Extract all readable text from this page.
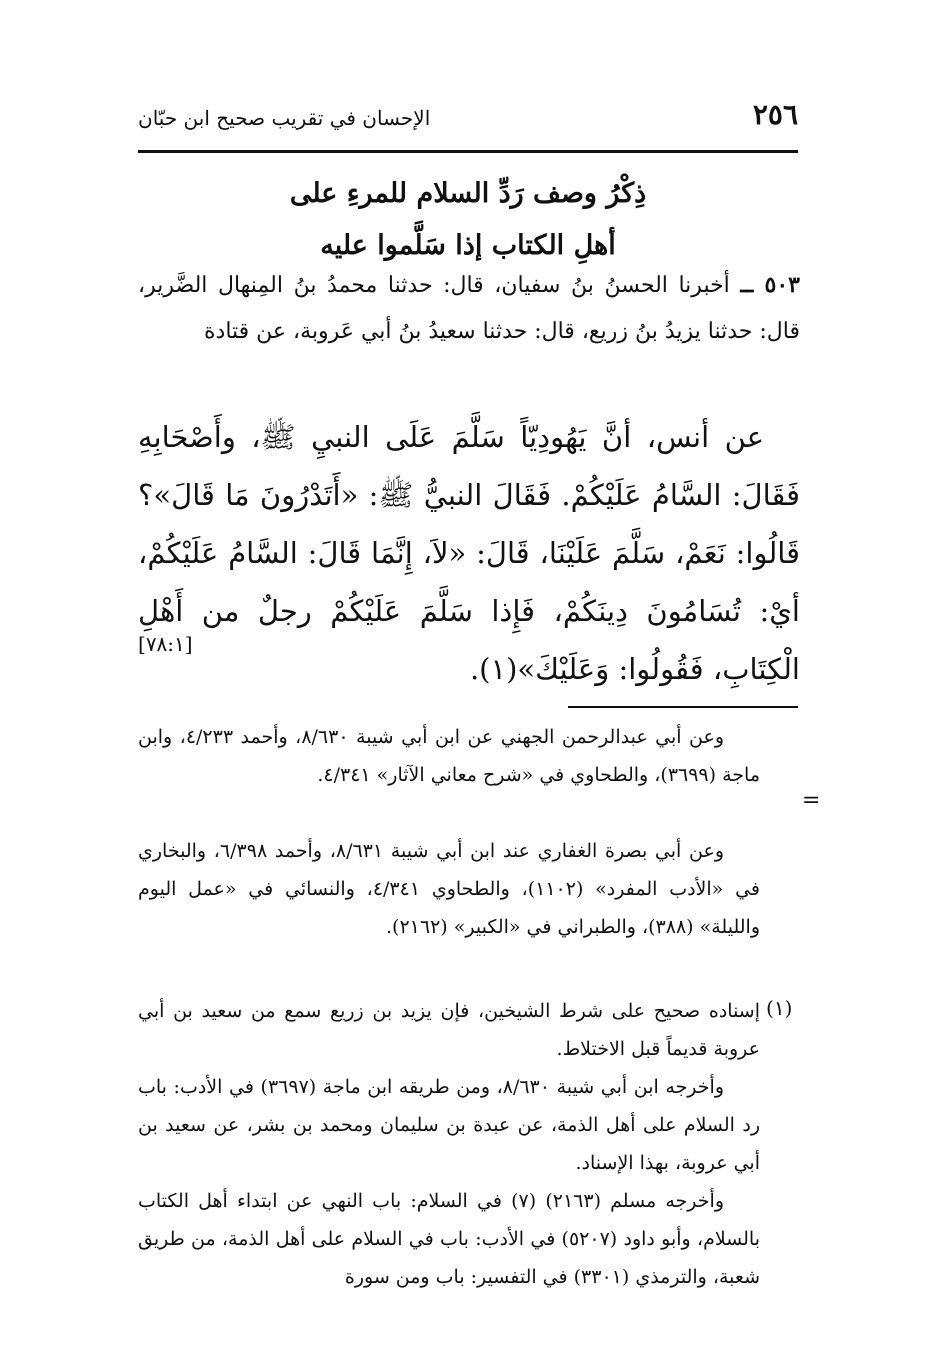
٢٥٦
الإحسان في تقريب صحيح ابن حبّان
ذِكْرُ وصف رَدِّ السلام للمرءِ على
أهلِ الكتاب إذا سَلَّموا عليه
٥٠٣ ــ أخبرنا الحسنُ بنُ سفيان، قال: حدثنا محمدُ بنُ المِنهال الضَّرير، قال: حدثنا يزيدُ بنُ زريع، قال: حدثنا سعيدُ بنُ أبي عَروبة، عن قتادة
عن أنس، أنَّ يَهُودِيّاً سَلَّمَ عَلَى النبيِ ﷺ، وأَصْحَابِهِ فَقَالَ: السَّامُ عَلَيْكُمْ. فَقَالَ النبيُّ ﷺ: «أَتَدْرُونَ مَا قَالَ»؟ قَالُوا: نَعَمْ، سَلَّمَ عَلَيْنَا، قَالَ: «لاَ، إِنَّمَا قَالَ: السَّامُ عَلَيْكُمْ، أيْ: تُسَامُونَ دِينَكُمْ، فَإِذا سَلَّمَ عَلَيْكُمْ رجلٌ من أَهْلِ الْكِتَابِ، فَقُولُوا: وَعَلَيْكَ»(١).
[٧٨:١]
=
وعن أبي عبدالرحمن الجهني عن ابن أبي شيبة ٨/٦٣٠، وأحمد ٤/٢٣٣، وابن ماجة (٣٦٩٩)، والطحاوي في «شرح معاني الآثار» ٤/٣٤١.
وعن أبي بصرة الغفاري عند ابن أبي شيبة ٨/٦٣١، وأحمد ٦/٣٩٨، والبخاري في «الأدب المفرد» (١١٠٢)، والطحاوي ٤/٣٤١، والنسائي في «عمل اليوم والليلة» (٣٨٨)، والطبراني في «الكبير» (٢١٦٢).
(١)
إسناده صحيح على شرط الشيخين، فإن يزيد بن زريع سمع من سعيد بن أبي عروبة قديماً قبل الاختلاط.
وأخرجه ابن أبي شيبة ٨/٦٣٠، ومن طريقه ابن ماجة (٣٦٩٧) في الأدب: باب رد السلام على أهل الذمة، عن عبدة بن سليمان ومحمد بن بشر، عن سعيد بن أبي عروبة، بهذا الإسناد.
وأخرجه مسلم (٢١٦٣) (٧) في السلام: باب النهي عن ابتداء أهل الكتاب بالسلام، وأبو داود (٥٢٠٧) في الأدب: باب في السلام على أهل الذمة، من طريق شعبة، والترمذي (٣٣٠١) في التفسير: باب ومن سورة
